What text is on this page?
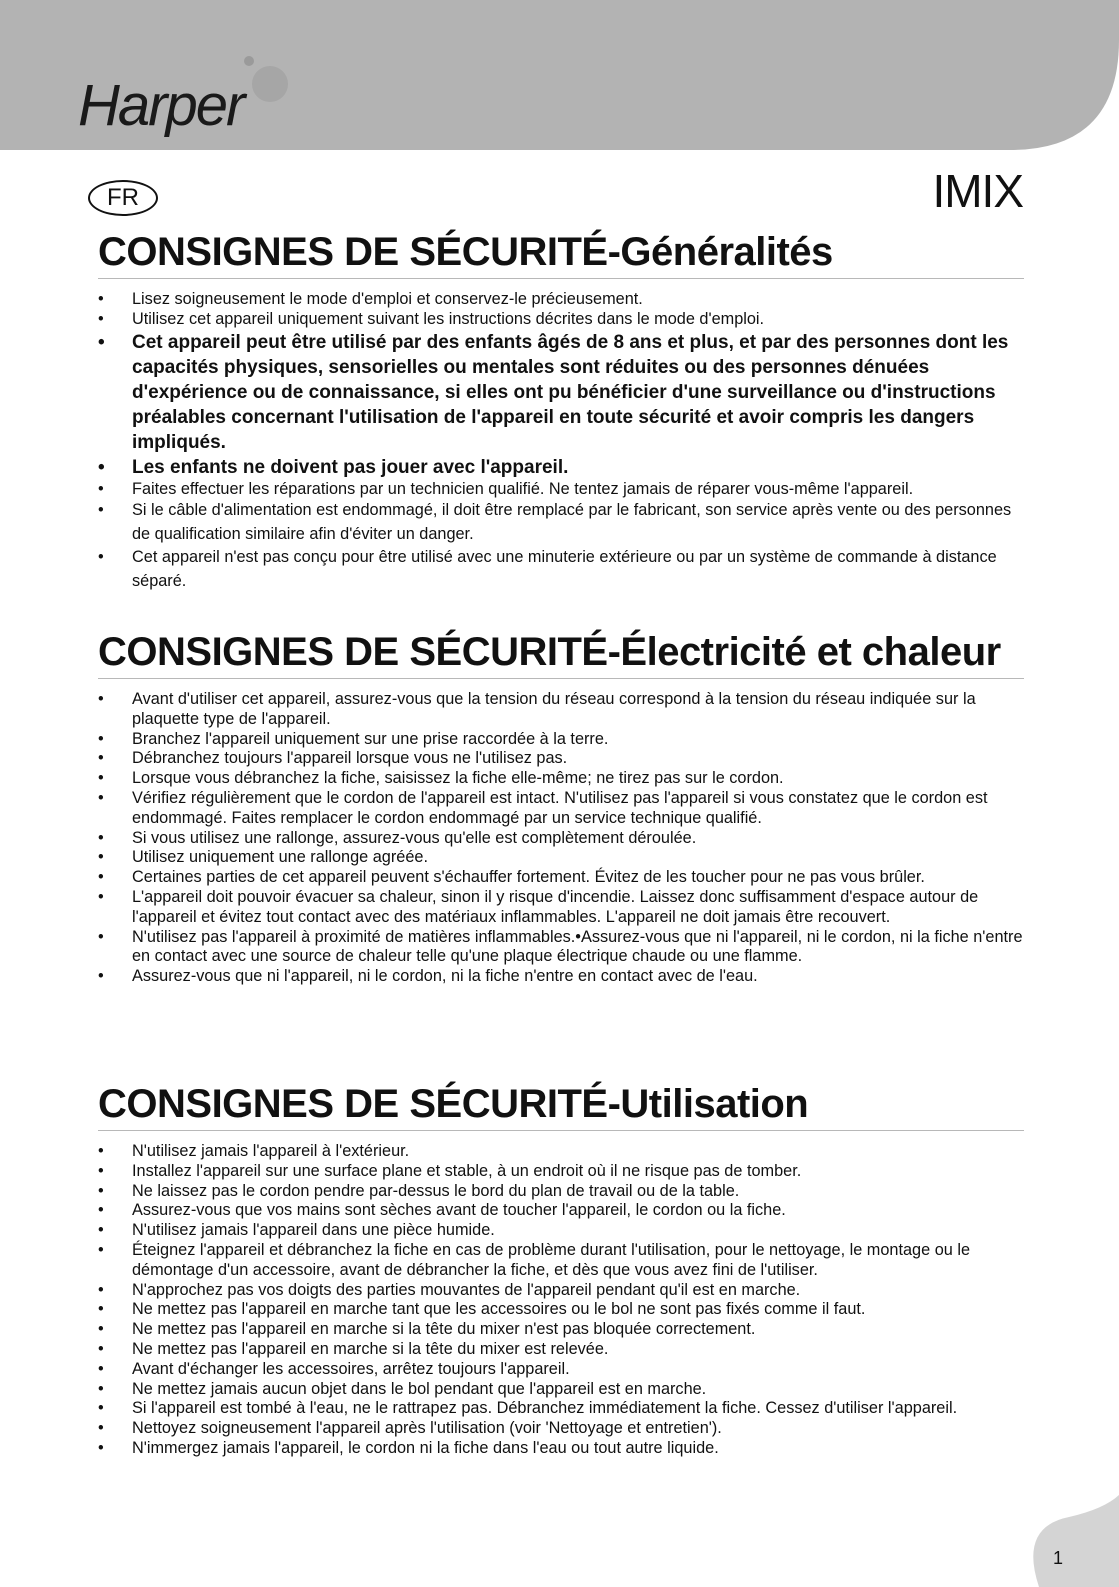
Harper
FR	IMIX
CONSIGNES DE SÉCURITÉ-Généralités
• Lisez soigneusement le mode d'emploi et conservez-le précieusement.
• Utilisez cet appareil uniquement suivant les instructions décrites dans le mode d'emploi.
• Cet appareil peut être utilisé par des enfants âgés de 8 ans et plus, et par des personnes dont les capacités physiques, sensorielles ou mentales sont réduites ou des personnes dénuées d'expérience ou de connaissance, si elles ont pu bénéficier d'une surveillance ou d'instructions préalables concernant l'utilisation de l'appareil en toute sécurité et avoir compris les dangers impliqués.
• Les enfants ne doivent pas jouer avec l'appareil.
• Faites effectuer les réparations par un technicien qualifié. Ne tentez jamais de réparer vous-même l'appareil.
• Si le câble d'alimentation est endommagé, il doit être remplacé par le fabricant, son service après vente ou des personnes de qualification similaire afin d'éviter un danger.
• Cet appareil n'est pas conçu pour être utilisé avec une minuterie extérieure ou par un système de commande à distance séparé.
CONSIGNES DE SÉCURITÉ-Électricité et chaleur
• Avant d'utiliser cet appareil, assurez-vous que la tension du réseau correspond à la tension du réseau indiquée sur la plaquette type de l'appareil.
• Branchez l'appareil uniquement sur une prise raccordée à la terre.
• Débranchez toujours l'appareil lorsque vous ne l'utilisez pas.
• Lorsque vous débranchez la fiche, saisissez la fiche elle-même; ne tirez pas sur le cordon.
• Vérifiez régulièrement que le cordon de l'appareil est intact. N'utilisez pas l'appareil si vous constatez que le cordon est endommagé. Faites remplacer le cordon endommagé par un service technique qualifié.
• Si vous utilisez une rallonge, assurez-vous qu'elle est complètement déroulée.
• Utilisez uniquement une rallonge agréée.
• Certaines parties de cet appareil peuvent s'échauffer fortement. Évitez de les toucher pour ne pas vous brûler.
• L'appareil doit pouvoir évacuer sa chaleur, sinon il y risque d'incendie. Laissez donc suffisamment d'espace autour de l'appareil et évitez tout contact avec des matériaux inflammables. L'appareil ne doit jamais être recouvert.
• N'utilisez pas l'appareil à proximité de matières inflammables.•Assurez-vous que ni l'appareil, ni le cordon, ni la fiche n'entre en contact avec une source de chaleur telle qu'une plaque électrique chaude ou une flamme.
• Assurez-vous que ni l'appareil, ni le cordon, ni la fiche n'entre en contact avec de l'eau.
CONSIGNES DE SÉCURITÉ-Utilisation
• N'utilisez jamais l'appareil à l'extérieur.
• Installez l'appareil sur une surface plane et stable, à un endroit où il ne risque pas de tomber.
• Ne laissez pas le cordon pendre par-dessus le bord du plan de travail ou de la table.
• Assurez-vous que vos mains sont sèches avant de toucher l'appareil, le cordon ou la fiche.
• N'utilisez jamais l'appareil dans une pièce humide.
• Éteignez l'appareil et débranchez la fiche en cas de problème durant l'utilisation, pour le nettoyage, le montage ou le démontage d'un accessoire, avant de débrancher la fiche, et dès que vous avez fini de l'utiliser.
• N'approchez pas vos doigts des parties mouvantes de l'appareil pendant qu'il est en marche.
• Ne mettez pas l'appareil en marche tant que les accessoires ou le bol ne sont pas fixés comme il faut.
• Ne mettez pas l'appareil en marche si la tête du mixer n'est pas bloquée correctement.
• Ne mettez pas l'appareil en marche si la tête du mixer est relevée.
• Avant d'échanger les accessoires, arrêtez toujours l'appareil.
• Ne mettez jamais aucun objet dans le bol pendant que l'appareil est en marche.
• Si l'appareil est tombé à l'eau, ne le rattrapez pas. Débranchez immédiatement la fiche. Cessez d'utiliser l'appareil.
• Nettoyez soigneusement l'appareil après l'utilisation (voir 'Nettoyage et entretien').
• N'immergez jamais l'appareil, le cordon ni la fiche dans l'eau ou tout autre liquide.
1
